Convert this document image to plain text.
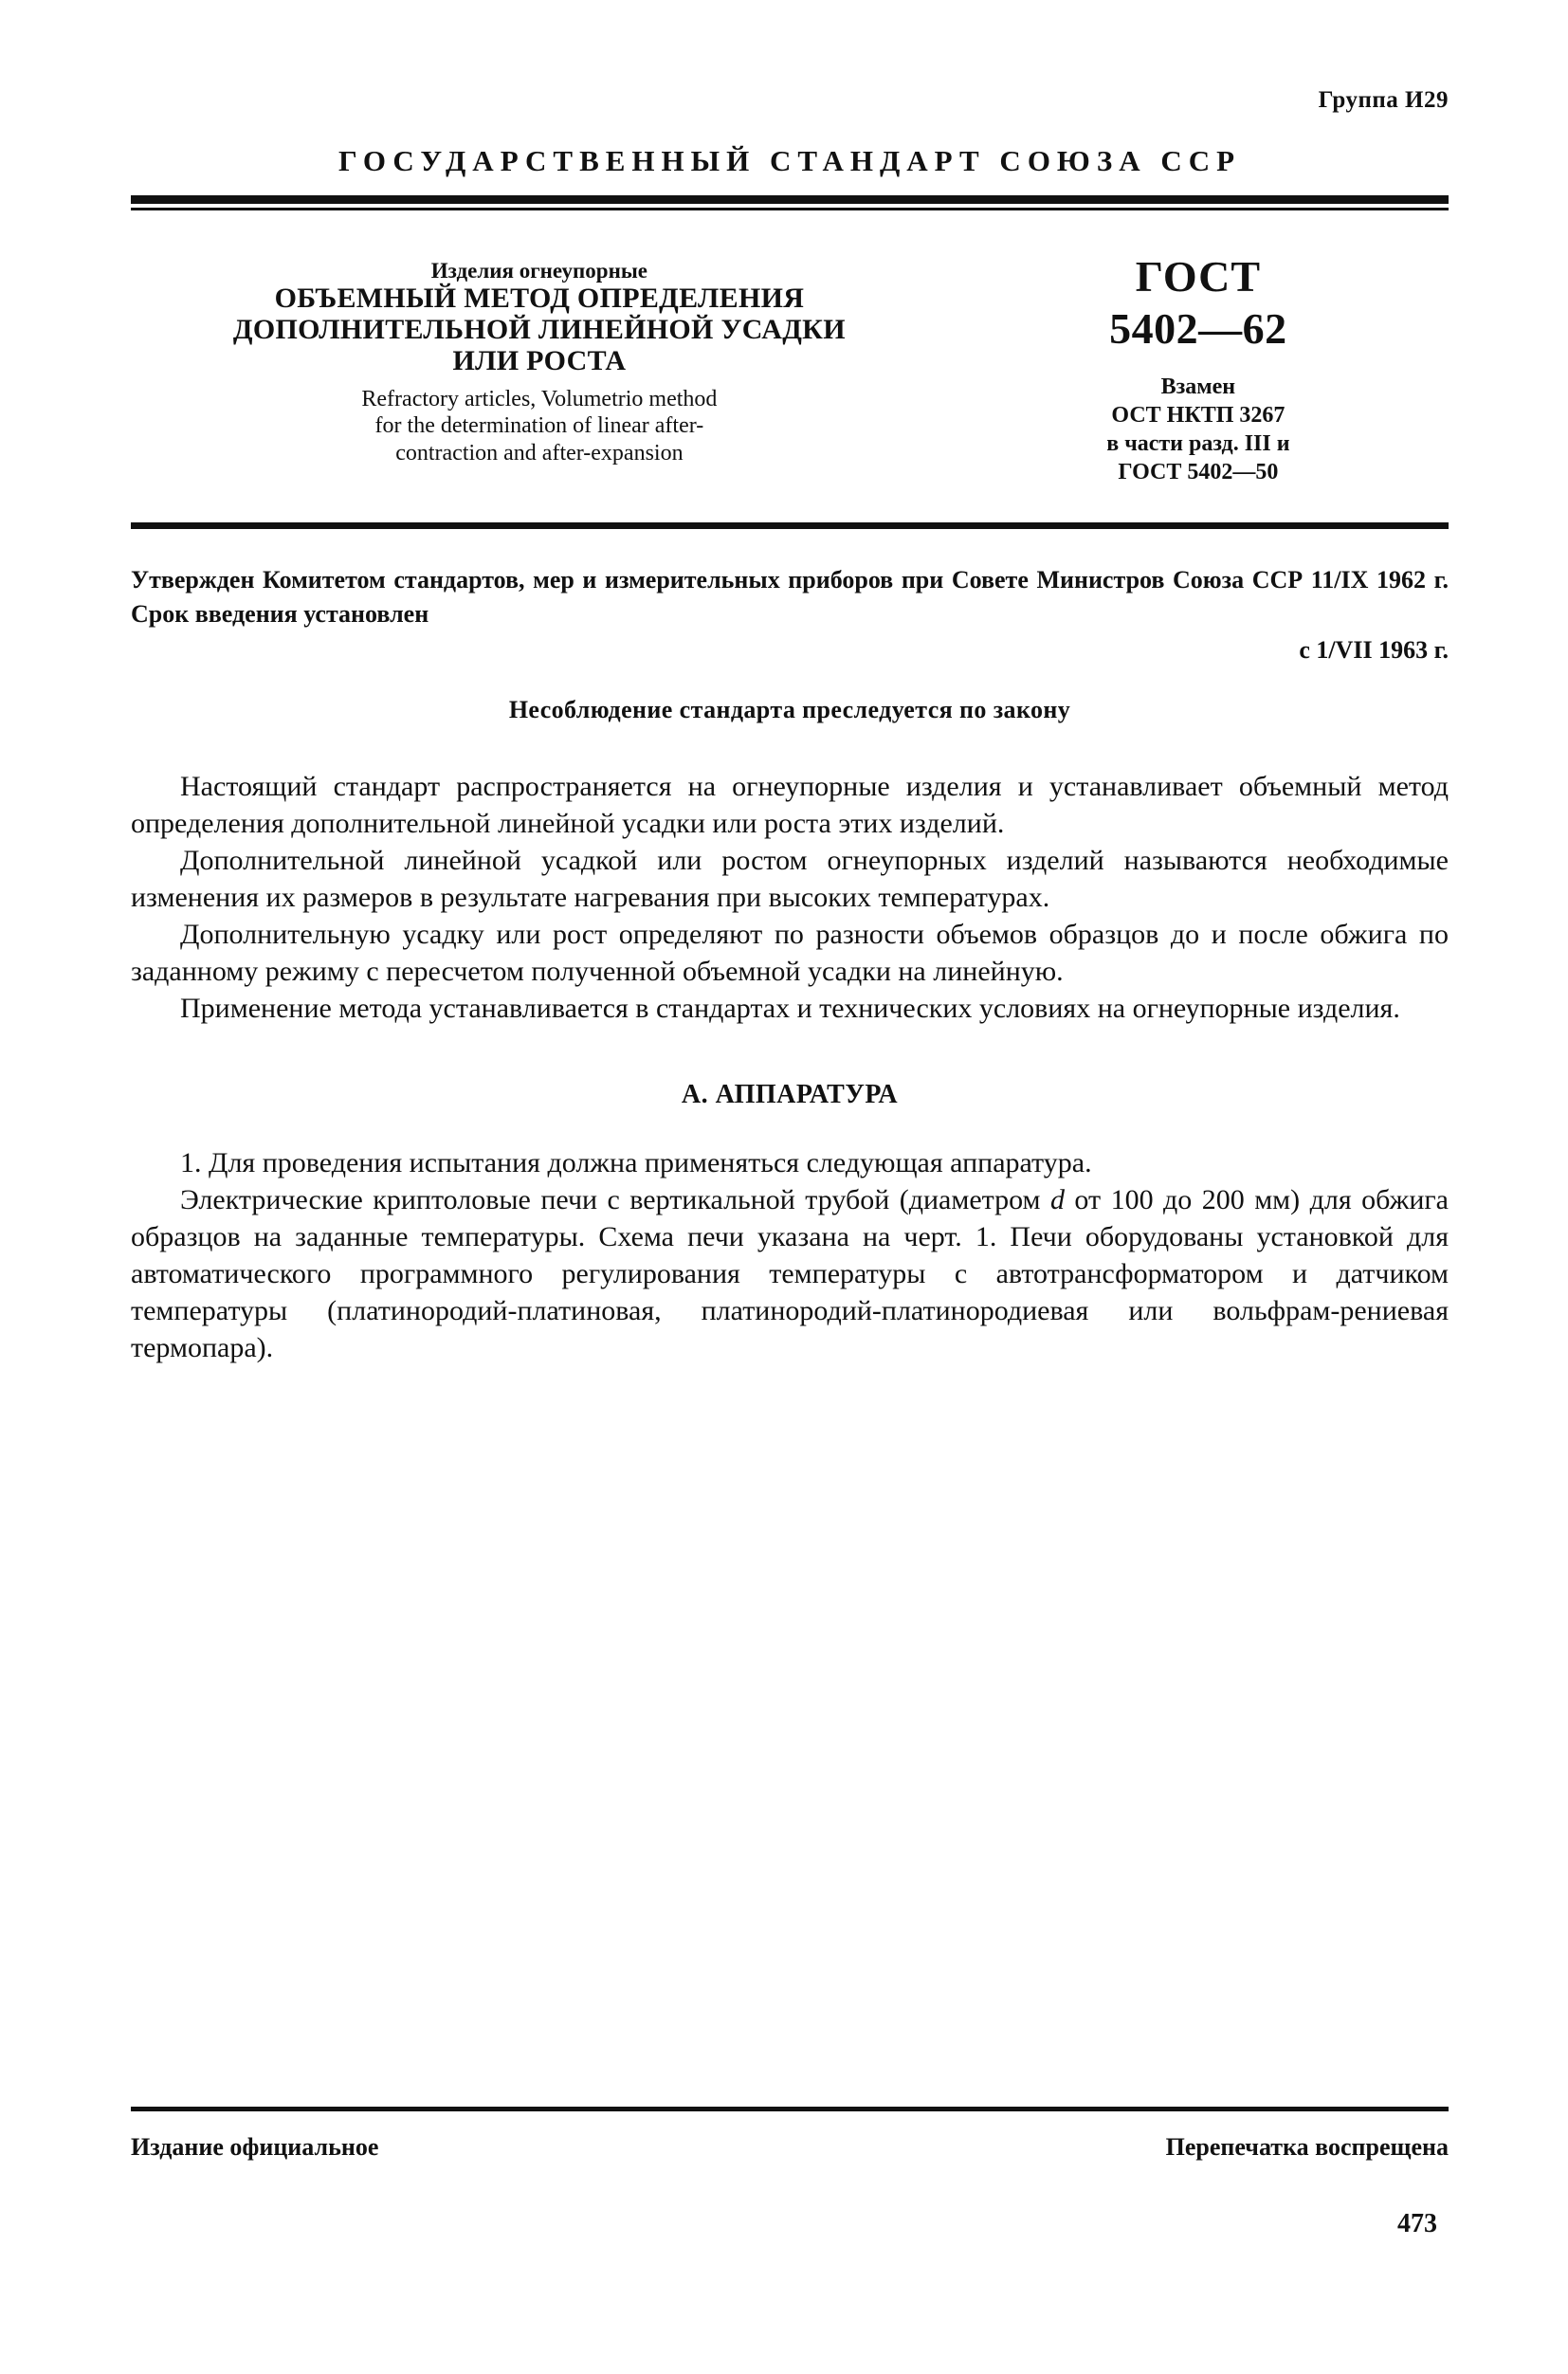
Группа И29
ГОСУДАРСТВЕННЫЙ СТАНДАРТ СОЮЗА ССР
Изделия огнеупорные
ОБЪЕМНЫЙ МЕТОД ОПРЕДЕЛЕНИЯ
ДОПОЛНИТЕЛЬНОЙ ЛИНЕЙНОЙ УСАДКИ
ИЛИ РОСТА
Refractory articles, Volumetrio method
for the determination of linear after-
contraction and after-expansion
ГОСТ
5402—62
Взамен
ОСТ НКТП 3267
в части разд. III и
ГОСТ 5402—50
Утвержден Комитетом стандартов, мер и измерительных приборов при Совете Министров Союза ССР 11/IX 1962 г. Срок введения установлен
с 1/VII 1963 г.
Несоблюдение стандарта преследуется по закону

Настоящий стандарт распространяется на огнеупорные изделия и устанавливает объемный метод определения дополнительной линейной усадки или роста этих изделий.

Дополнительной линейной усадкой или ростом огнеупорных изделий называются необходимые изменения их размеров в результате нагревания при высоких температурах.

Дополнительную усадку или рост определяют по разности объемов образцов до и после обжига по заданному режиму с пересчетом полученной объемной усадки на линейную.

Применение метода устанавливается в стандартах и технических условиях на огнеупорные изделия.

А. АППАРАТУРА

1. Для проведения испытания должна применяться следующая аппаратура.

Электрические криптоловые печи с вертикальной трубой (диаметром d от 100 до 200 мм) для обжига образцов на заданные температуры. Схема печи указана на черт. 1. Печи оборудованы установкой для автоматического программного регулирования температуры с автотрансформатором и датчиком температуры (платинородий-платиновая, платинородий-платинородиевая или вольфрам-рениевая термопара).

Издание официальное	Перепечатка воспрещена
473
